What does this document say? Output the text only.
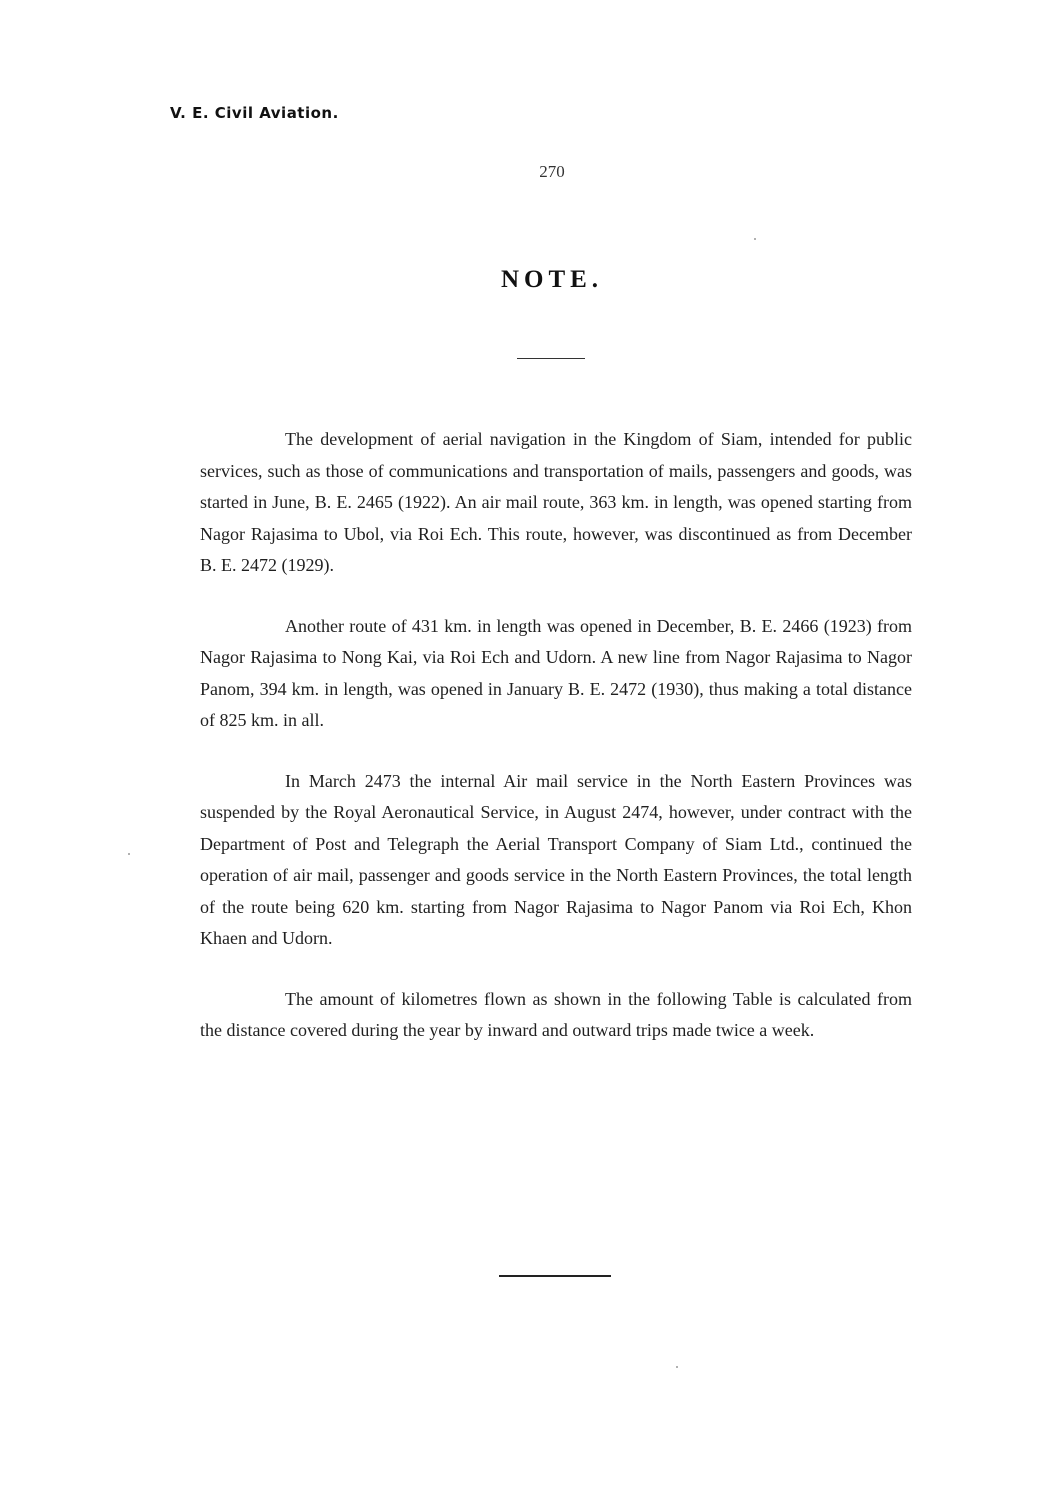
V. E. Civil Aviation.
270
NOTE.

The development of aerial navigation in the Kingdom of Siam, intended for public services, such as those of communications and transportation of mails, passengers and goods, was started in June, B. E. 2465 (1922). An air mail route, 363 km. in length, was opened starting from Nagor Rajasima to Ubol, via Roi Ech. This route, however, was discontinued as from December B. E. 2472 (1929).

Another route of 431 km. in length was opened in December, B. E. 2466 (1923) from Nagor Rajasima to Nong Kai, via Roi Ech and Udorn. A new line from Nagor Rajasima to Nagor Panom, 394 km. in length, was opened in January B. E. 2472 (1930), thus making a total distance of 825 km. in all.

In March 2473 the internal Air mail service in the North Eastern Provinces was suspended by the Royal Aeronautical Service, in August 2474, however, under contract with the Department of Post and Telegraph the Aerial Transport Company of Siam Ltd., continued the operation of air mail, passenger and goods service in the North Eastern Provinces, the total length of the route being 620 km. starting from Nagor Rajasima to Nagor Panom via Roi Ech, Khon Khaen and Udorn.

The amount of kilometres flown as shown in the following Table is calculated from the distance covered during the year by inward and outward trips made twice a week.
